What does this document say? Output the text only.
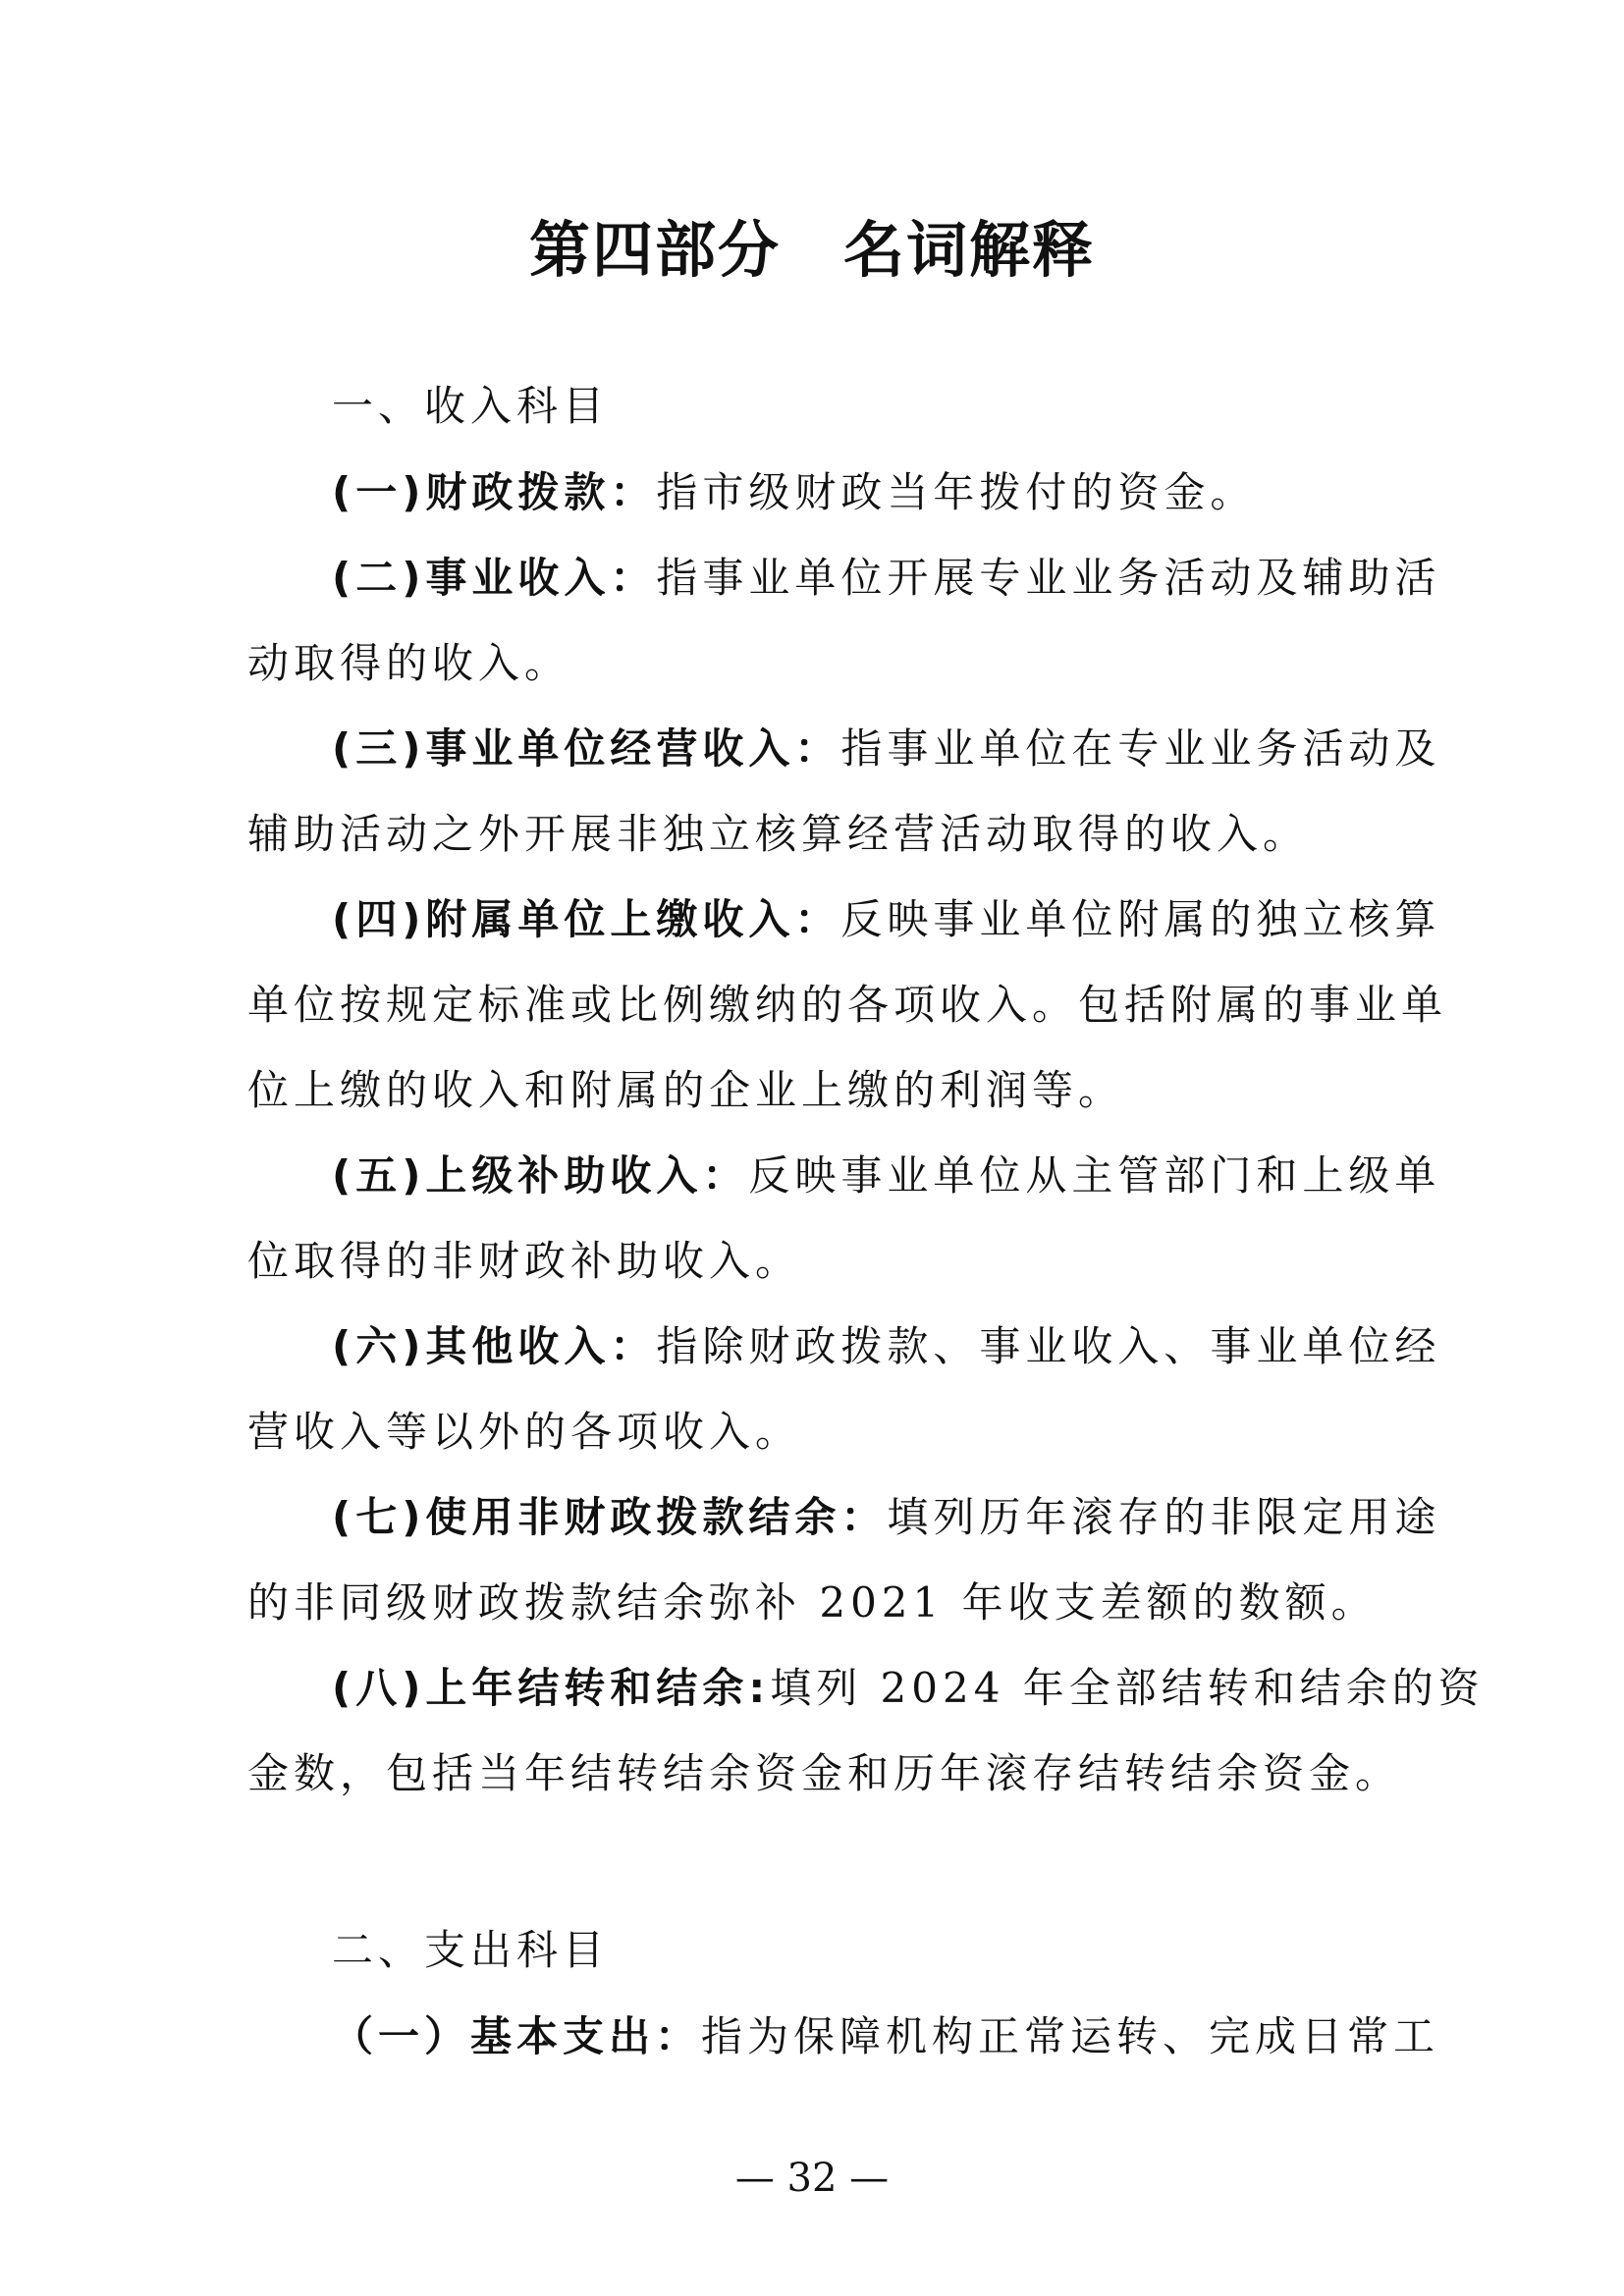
第四部分　名词解释
一、收入科目
(一)财政拨款：指市级财政当年拨付的资金。
(二)事业收入：指事业单位开展专业业务活动及辅助活
动取得的收入。
(三)事业单位经营收入：指事业单位在专业业务活动及
辅助活动之外开展非独立核算经营活动取得的收入。
(四)附属单位上缴收入：反映事业单位附属的独立核算
单位按规定标准或比例缴纳的各项收入。包括附属的事业单
位上缴的收入和附属的企业上缴的利润等。
(五)上级补助收入：反映事业单位从主管部门和上级单
位取得的非财政补助收入。
(六)其他收入：指除财政拨款、事业收入、事业单位经
营收入等以外的各项收入。
(七)使用非财政拨款结余：填列历年滚存的非限定用途
的非同级财政拨款结余弥补 2021 年收支差额的数额。
(八)上年结转和结余:填列 2024 年全部结转和结余的资
金数，包括当年结转结余资金和历年滚存结转结余资金。
二、支出科目
（一）基本支出：指为保障机构正常运转、完成日常工
— 32 —
